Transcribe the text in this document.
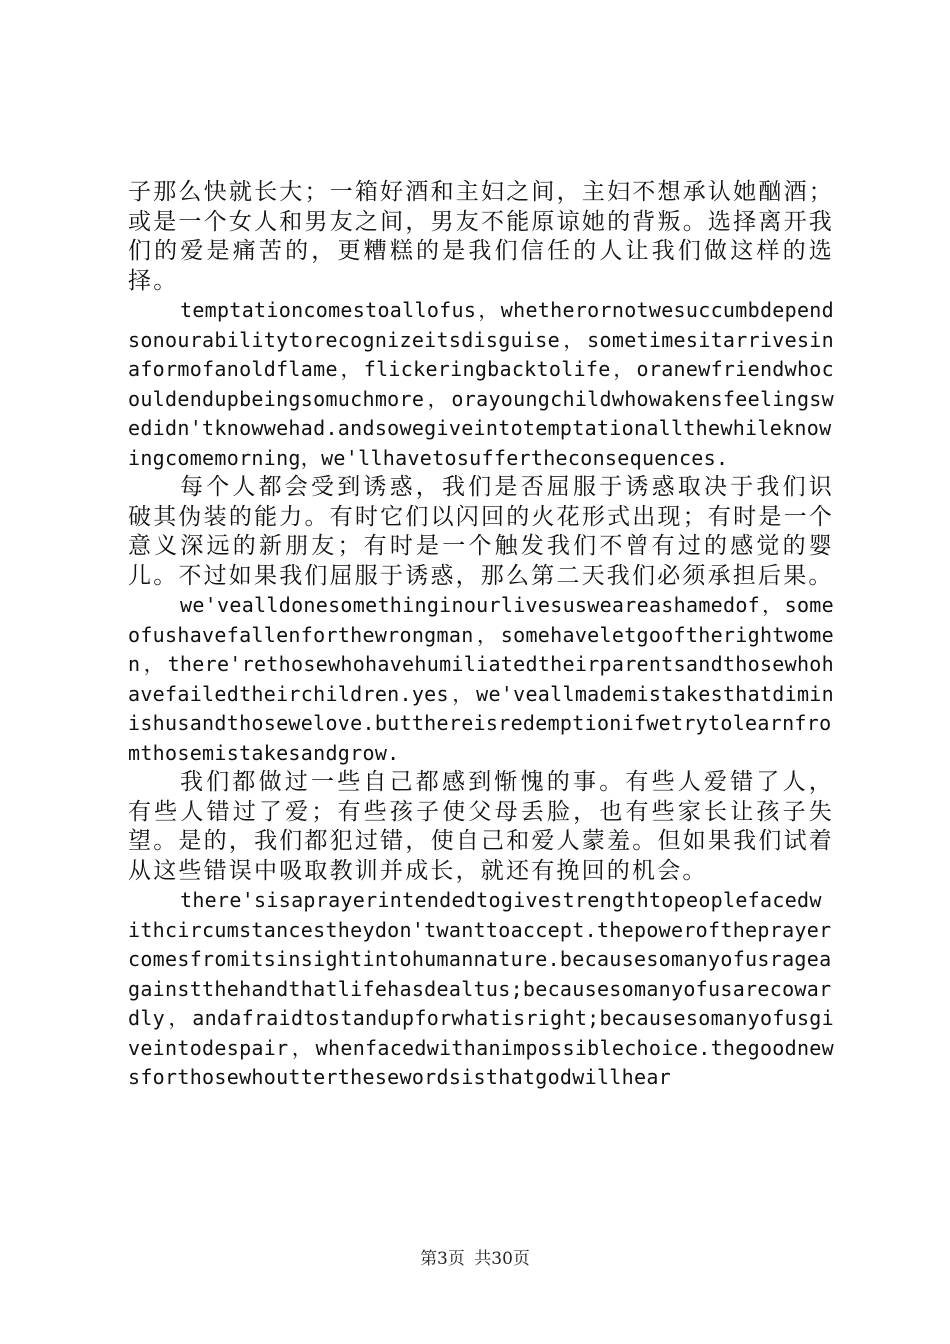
子那么快就长大；一箱好酒和主妇之间，主妇不想承认她酗酒；或是一个女人和男友之间，男友不能原谅她的背叛。选择离开我们的爱是痛苦的，更糟糕的是我们信任的人让我们做这样的选择。

temptationcomestoallofus，whetherornotwesuccumbdependsonourabilitytorecognizeitsdisguise，sometimesitarrivesinaformofanoldflame，flickeringbacktolife，oranewfriendwhocouldendupbeingsomuchmore，orayoungchildwhowakensfeelingswedidn'tknowwehad.andsowegiveintotemptationallthewhileknowingcomemorning，we'llhavetosuffertheconsequences.

每个人都会受到诱惑，我们是否屈服于诱惑取决于我们识破其伪装的能力。有时它们以闪回的火花形式出现；有时是一个意义深远的新朋友；有时是一个触发我们不曾有过的感觉的婴儿。不过如果我们屈服于诱惑，那么第二天我们必须承担后果。

we'vealldonesomethinginourlivesusweareashamedof，someofushavefallenforthewrongman，somehaveletgooftherightwomen，there'rethosewhohavehumiliatedtheirparentsandthosewhohavefailedtheirchildren.yes，we'veallmademistakesthatdiminishusandthosewelove.butthereisredemptionifwetrytolearnfromthosemistakesandgrow.

我们都做过一些自己都感到惭愧的事。有些人爱错了人，有些人错过了爱；有些孩子使父母丢脸，也有些家长让孩子失望。是的，我们都犯过错，使自己和爱人蒙羞。但如果我们试着从这些错误中吸取教训并成长，就还有挽回的机会。

there'sisaprayerintendedtogivestrengthtopeoplefacedwithcircumstancestheydon'twanttoaccept.thepoweroftheprayercomesfromitsinsightintohumannature.becausesomanyofusrageagainstthehandthatlifehasdealtus;becausesomanyofusarecowardly，andafraidtostandupforwhatisright;becausesomanyofusgiveintodespair，whenfacedwithanimpossiblechoice.thegoodnewsforthosewhoutterthesewordsisthatgodwillhear

第3页 共30页
